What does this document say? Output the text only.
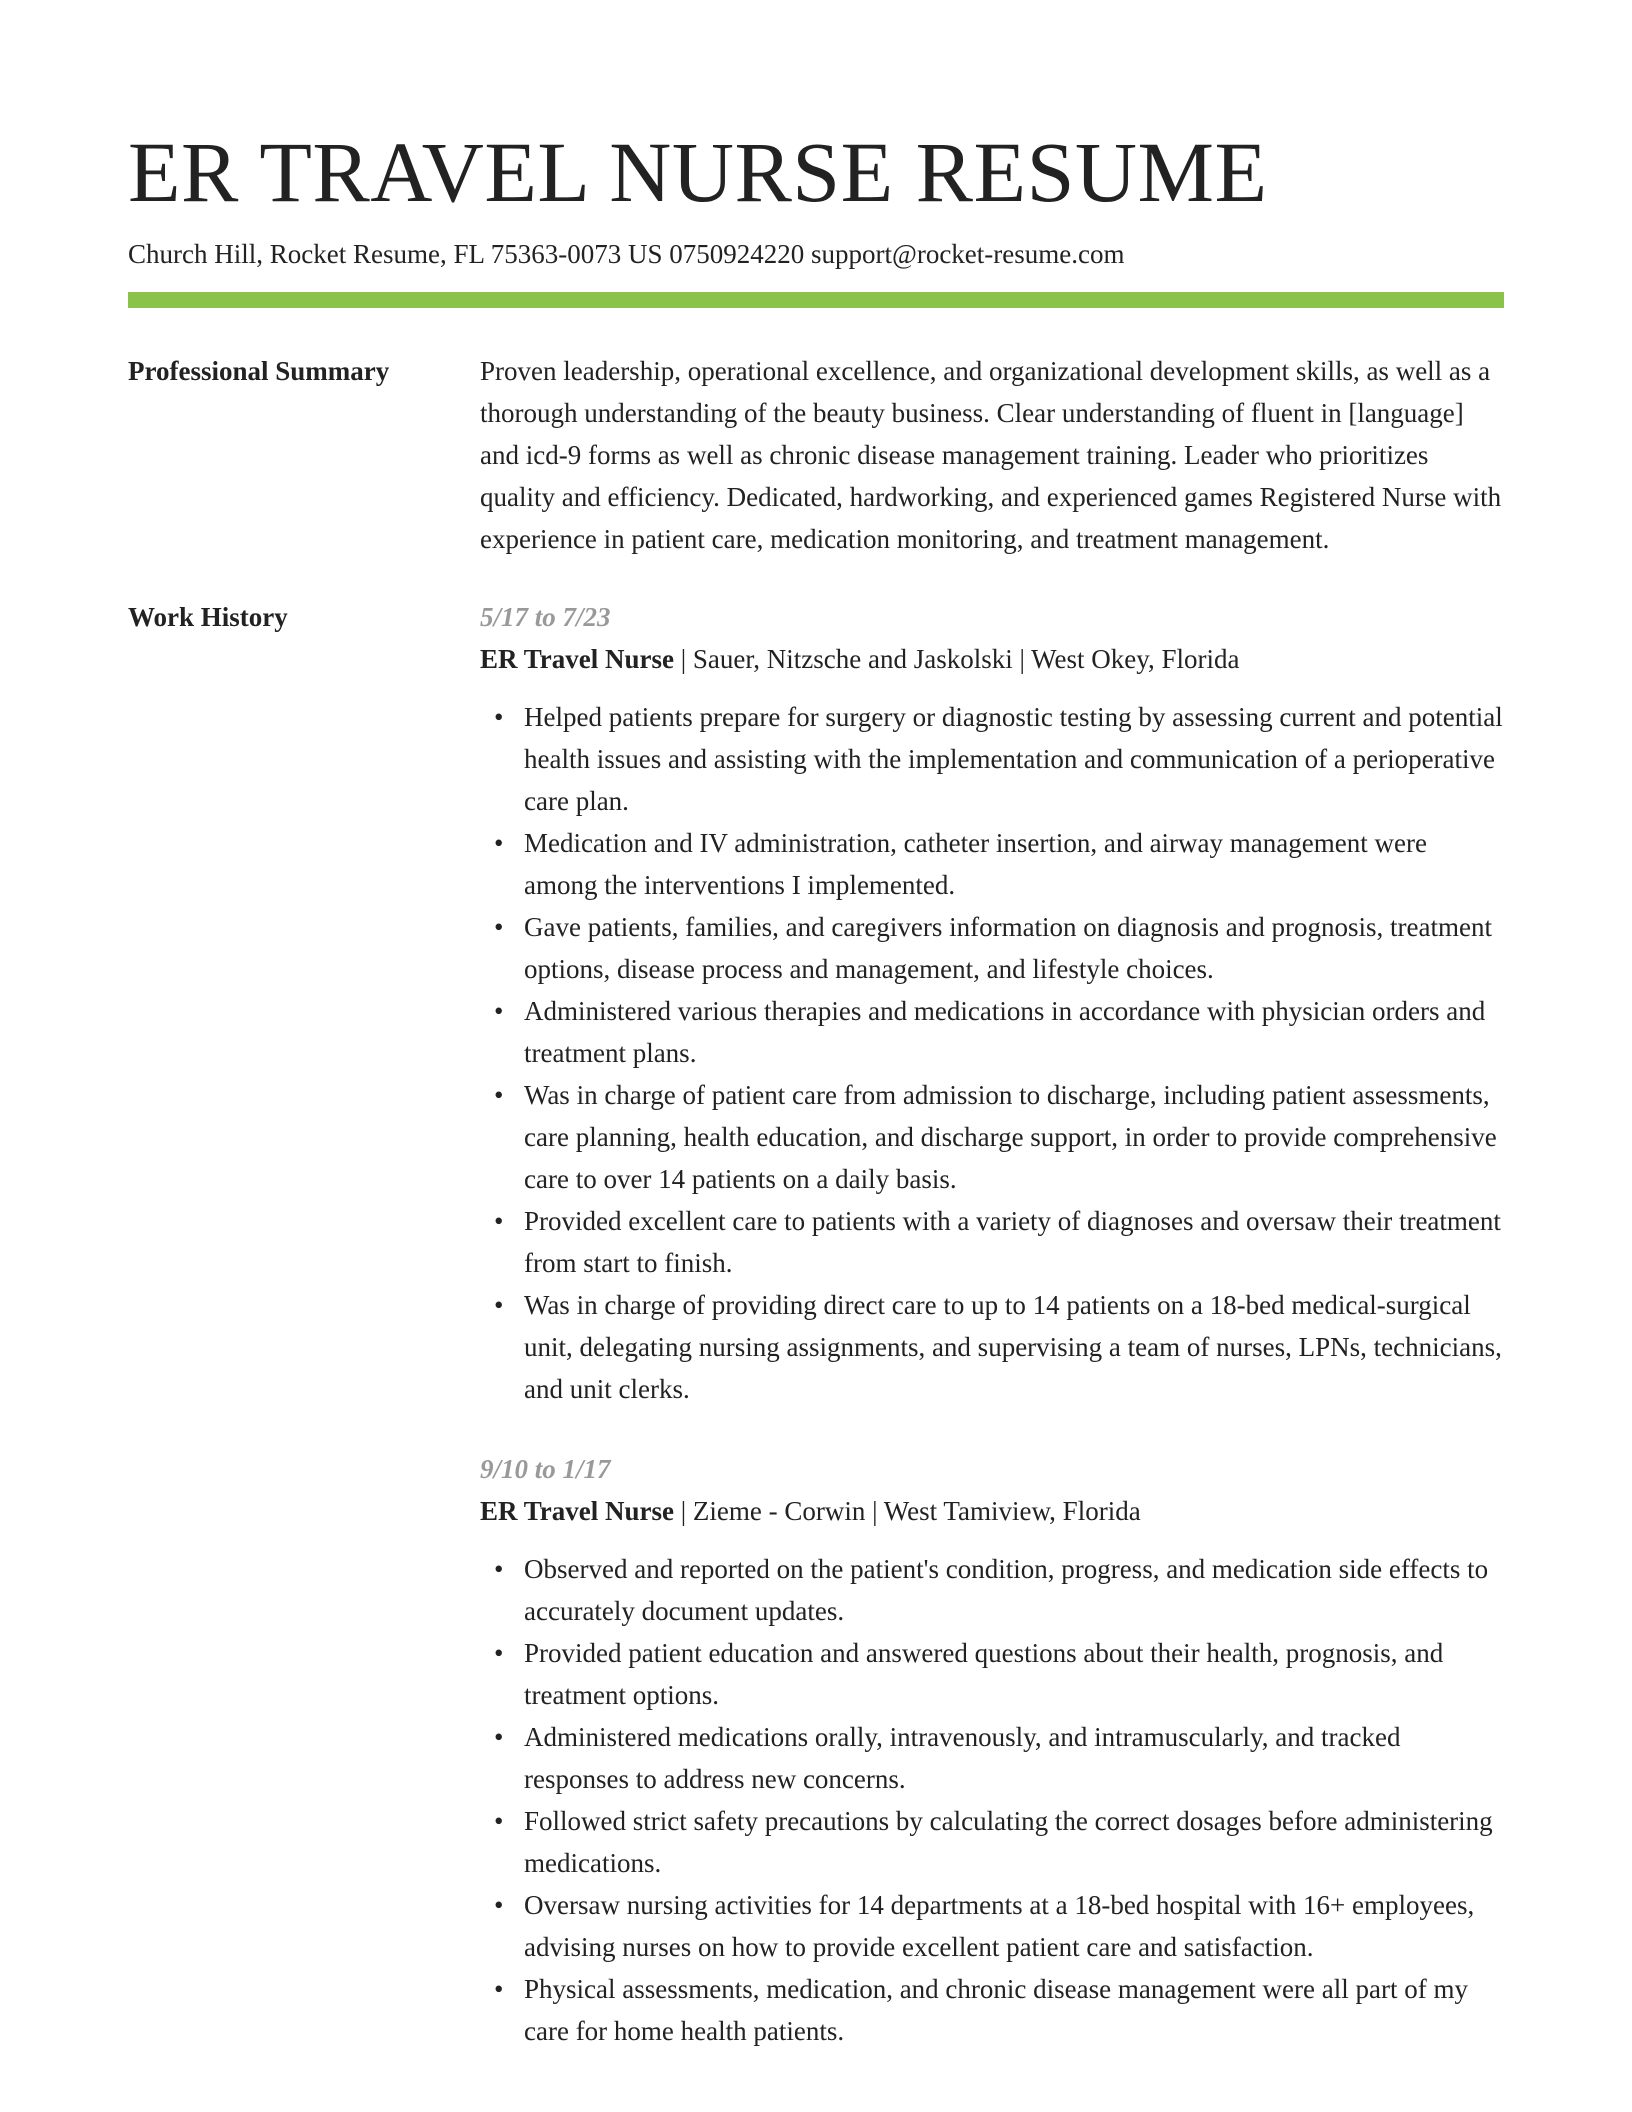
ER TRAVEL NURSE RESUME
Church Hill, Rocket Resume, FL 75363-0073 US 0750924220 support@rocket-resume.com
Professional Summary	Proven leadership, operational excellence, and organizational development skills, as well as a thorough understanding of the beauty business. Clear understanding of fluent in [language] and icd-9 forms as well as chronic disease management training. Leader who prioritizes quality and efficiency. Dedicated, hardworking, and experienced games Registered Nurse with experience in patient care, medication monitoring, and treatment management.

Work History	5/17 to 7/23
ER Travel Nurse | Sauer, Nitzsche and Jaskolski | West Okey, Florida
• Helped patients prepare for surgery or diagnostic testing by assessing current and potential health issues and assisting with the implementation and communication of a perioperative care plan.
• Medication and IV administration, catheter insertion, and airway management were among the interventions I implemented.
• Gave patients, families, and caregivers information on diagnosis and prognosis, treatment options, disease process and management, and lifestyle choices.
• Administered various therapies and medications in accordance with physician orders and treatment plans.
• Was in charge of patient care from admission to discharge, including patient assessments, care planning, health education, and discharge support, in order to provide comprehensive care to over 14 patients on a daily basis.
• Provided excellent care to patients with a variety of diagnoses and oversaw their treatment from start to finish.
• Was in charge of providing direct care to up to 14 patients on a 18-bed medical-surgical unit, delegating nursing assignments, and supervising a team of nurses, LPNs, technicians, and unit clerks.
9/10 to 1/17
ER Travel Nurse | Zieme - Corwin | West Tamiview, Florida
• Observed and reported on the patient's condition, progress, and medication side effects to accurately document updates.
• Provided patient education and answered questions about their health, prognosis, and treatment options.
• Administered medications orally, intravenously, and intramuscularly, and tracked responses to address new concerns.
• Followed strict safety precautions by calculating the correct dosages before administering medications.
• Oversaw nursing activities for 14 departments at a 18-bed hospital with 16+ employees, advising nurses on how to provide excellent patient care and satisfaction.
• Physical assessments, medication, and chronic disease management were all part of my care for home health patients.
